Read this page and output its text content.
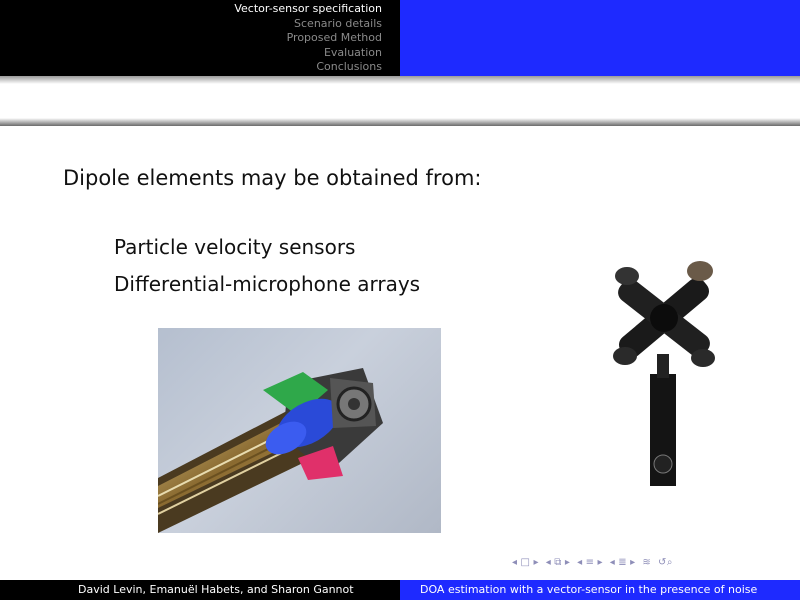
Vector-sensor specification
Scenario details
Proposed Method
Evaluation
Conclusions
Dipole elements may be obtained from:
Particle velocity sensors
Differential-microphone arrays
◂ □ ▸ ◂ ⧉ ▸ ◂ ≡ ▸ ◂ ≣ ▸ ≋ ↺⌕
David Levin, Emanuël Habets, and Sharon Gannot	DOA estimation with a vector-sensor in the presence of noise
